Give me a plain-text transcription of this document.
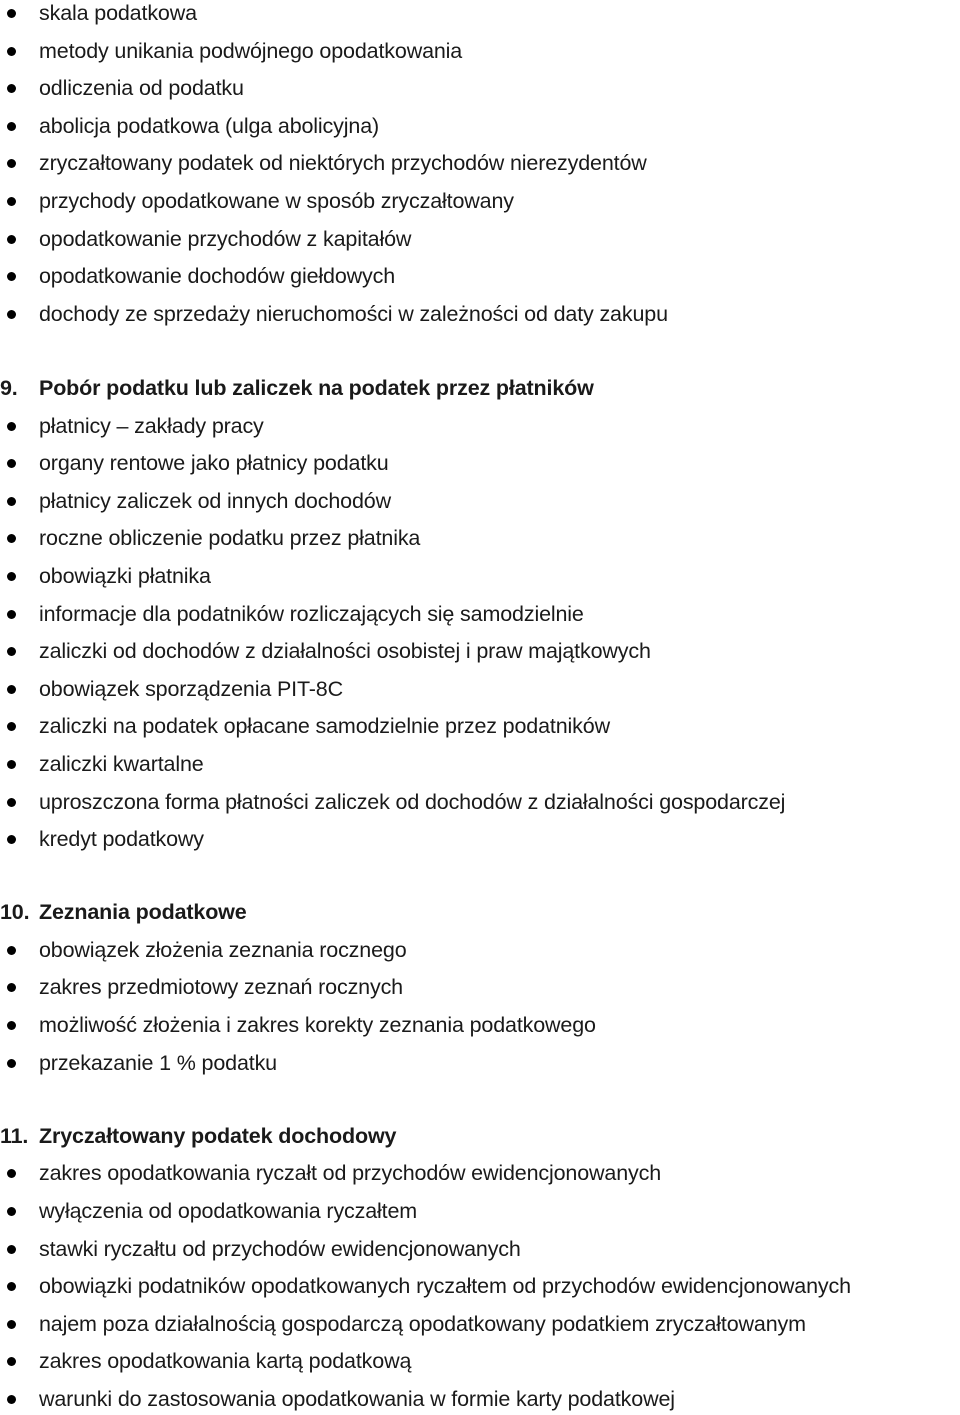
skala podatkowa
metody unikania podwójnego opodatkowania
odliczenia od podatku
abolicja podatkowa (ulga abolicyjna)
zryczałtowany podatek od niektórych przychodów nierezydentów
przychody opodatkowane w sposób zryczałtowany
opodatkowanie przychodów z kapitałów
opodatkowanie dochodów giełdowych
dochody ze sprzedaży nieruchomości w zależności od daty zakupu
9. Pobór podatku lub zaliczek na podatek przez płatników
płatnicy – zakłady pracy
organy rentowe jako płatnicy podatku
płatnicy zaliczek od innych dochodów
roczne obliczenie podatku przez płatnika
obowiązki płatnika
informacje dla podatników rozliczających się samodzielnie
zaliczki od dochodów z działalności osobistej i praw majątkowych
obowiązek sporządzenia PIT-8C
zaliczki na podatek opłacane samodzielnie przez podatników
zaliczki kwartalne
uproszczona forma płatności zaliczek od dochodów z działalności gospodarczej
kredyt podatkowy
10. Zeznania podatkowe
obowiązek złożenia zeznania rocznego
zakres przedmiotowy zeznań rocznych
możliwość złożenia i zakres korekty zeznania podatkowego
przekazanie 1 % podatku
11. Zryczałtowany podatek dochodowy
zakres opodatkowania ryczałt od przychodów ewidencjonowanych
wyłączenia od opodatkowania ryczałtem
stawki ryczałtu od przychodów ewidencjonowanych
obowiązki podatników opodatkowanych ryczałtem od przychodów ewidencjonowanych
najem poza działalnością gospodarczą opodatkowany podatkiem zryczałtowanym
zakres opodatkowania kartą podatkową
warunki do zastosowania opodatkowania w formie karty podatkowej
